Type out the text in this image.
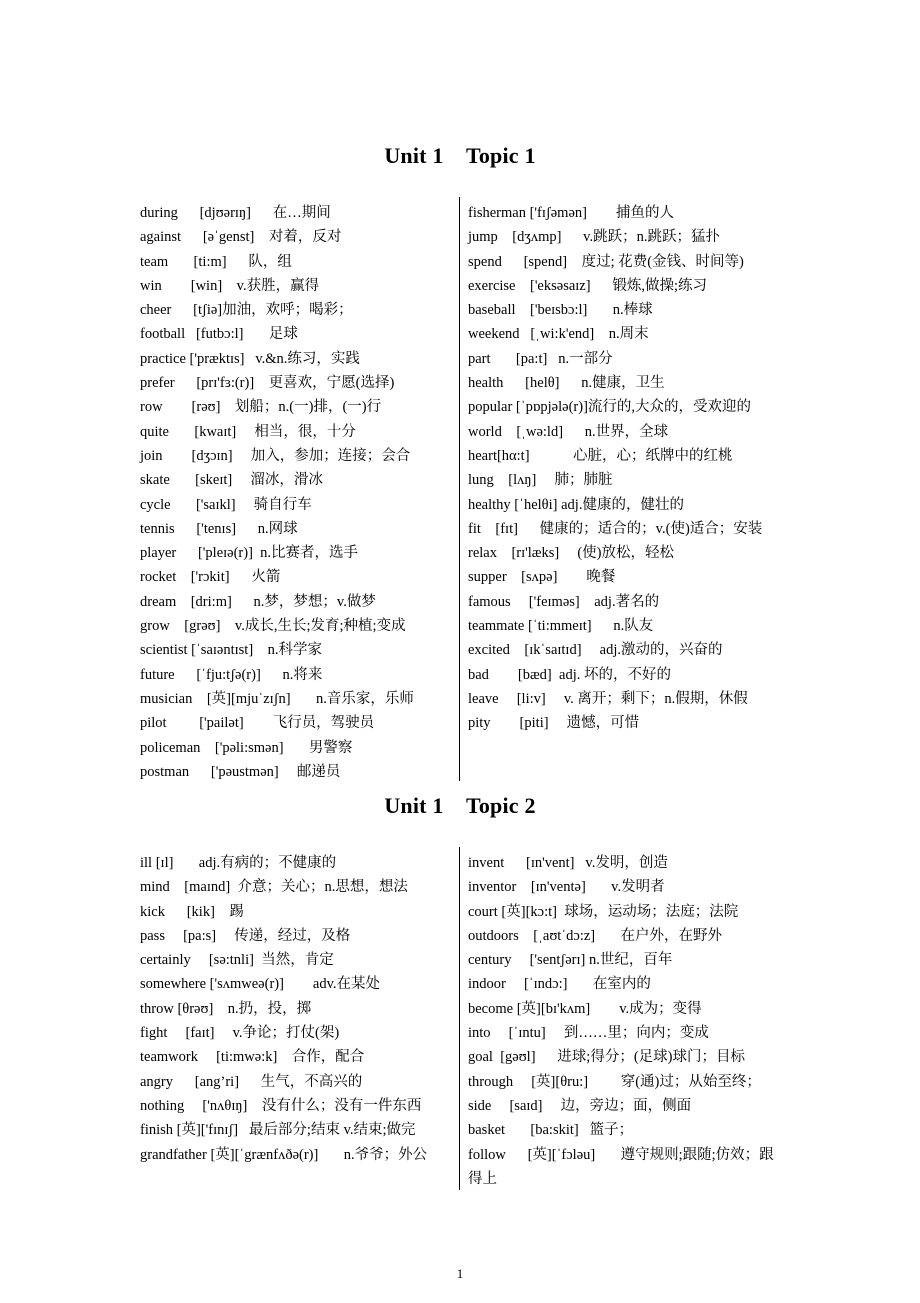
Unit 1    Topic 1
during      [djʊərɪŋ]      在…期间
against      [əˈgenst]    对着，反对
team       [ti:m]      队，组
win        [win]    v.获胜，赢得
cheer      [tʃiə]加油，欢呼；喝彩；
football   [futbɔ:l]       足球
practice ['præktɪs]   v.&n.练习，实践
prefer      [prɪ'fɜ:(r)]    更喜欢，宁愿(选择)
row        [rəʊ]    划船；n.(一)排，(一)行
quite       [kwaɪt]     相当，很，十分
join        [dʒɔɪn]     加入，参加；连接；会合
skate       [skeɪt]     溜冰，滑冰
cycle       ['saɪkl]     骑自行车
tennis      ['tenɪs]      n.网球
player      ['pleɪə(r)]  n.比赛者，选手
rocket    ['rɔkit]      火箭
dream    [dri:m]      n.梦，梦想；v.做梦
grow    [grəʊ]    v.成长,生长;发育;种植;变成
scientist [ˈsaɪəntɪst]    n.科学家
future      [ˈfju:tʃə(r)]      n.将来
musician    [英][mjuˈzɪʃn]       n.音乐家，乐师
pilot         ['pailət]        飞行员，驾驶员
policeman    ['pəli:smən]       男警察
postman      ['pəustmən]     邮递员
fisherman ['fɪʃəmən]        捕鱼的人
jump    [dʒʌmp]      v.跳跃；n.跳跃；猛扑
spend      [spend]    度过; 花费(金钱、时间等)
exercise    ['eksəsaɪz]      锻炼,做操;练习
baseball    ['beɪsbɔ:l]       n.棒球
weekend   [ˌwi:k'end]    n.周末
part       [pa:t]   n.一部分
health      [helθ]      n.健康，卫生
popular [ˈpɒpjələ(r)]流行的,大众的，受欢迎的
world    [ˌwə:ld]      n.世界，全球
heart[hα:t]            心脏，心；纸牌中的红桃
lung    [lʌŋ]     肺；肺脏
healthy [ˈhelθi] adj.健康的，健壮的
fit    [fɪt]      健康的；适合的；v.(使)适合；安装
relax    [rɪ'læks]     (使)放松，轻松
supper    [sʌpə]        晚餐
famous     ['feɪməs]    adj.著名的
teammate [ˈti:mmeɪt]      n.队友
excited    [ɪkˈsaɪtɪd]     adj.激动的，兴奋的
bad        [bæd]  adj. 坏的，不好的
leave     [li:v]     v. 离开；剩下；n.假期，休假
pity        [piti]     遗憾，可惜
Unit 1    Topic 2
ill [ɪl]       adj.有病的；不健康的
mind    [maɪnd]  介意；关心；n.思想，想法
kick      [kik]    踢
pass     [pa:s]     传递，经过，及格
certainly     [sə:tnli]  当然，肯定
somewhere ['sʌmweə(r)]        adv.在某处
throw [θrəʊ]    n.扔，投，掷
fight     [faɪt]     v.争论；打仗(架)
teamwork     [ti:mwə:k]    合作，配合
angry      [ang’ri]      生气，不高兴的
nothing     ['nʌθɪŋ]    没有什么；没有一件东西
finish [英]['fɪnɪʃ]   最后部分;结束 v.结束;做完
grandfather [英][ˈgrænfʌðə(r)]       n.爷爷；外公
invent      [ɪn'vent]   v.发明，创造
inventor    [ɪn'ventə]       v.发明者
court [英][kɔ:t]  球场，运动场；法庭；法院
outdoors    [ˌaʊtˈdɔ:z]       在户外，在野外
century     ['sentʃərɪ] n.世纪，百年
indoor     [ˈɪndɔ:]       在室内的
become [英][bɪ'kʌm]        v.成为；变得
into     [ˈɪntu]     到……里；向内；变成
goal  [gəʊl]      进球;得分；(足球)球门；目标
through     [英][θru:]         穿(通)过；从始至终；
side     [saɪd]     边，旁边；面，侧面
basket       [ba:skit]   篮子；
follow      [英][ˈfɔləu]       遵守规则;跟随;仿效；跟得上
1
